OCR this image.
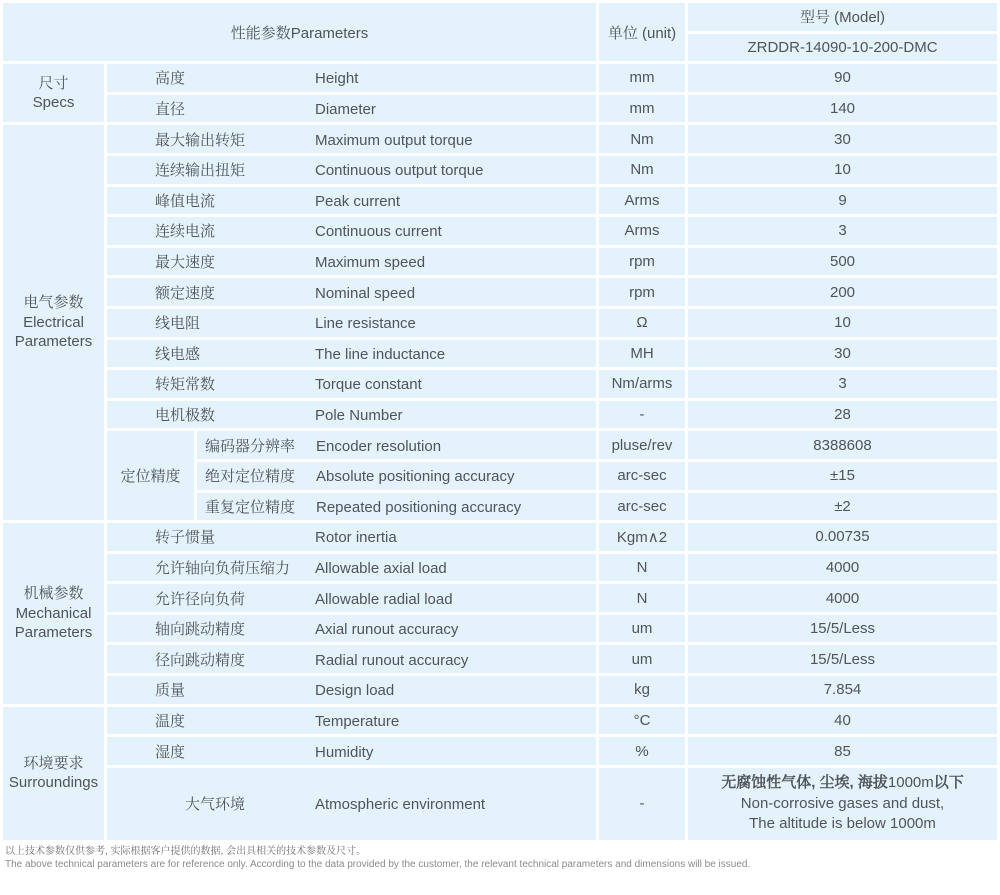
性能参数Parameters			单位 (unit)	型号 (Model)
				ZRDDR-14090-10-200-DMC

尺寸
Specs	高度 Height		mm	90
	直径 Diameter		mm	140

电气参数
Electrical
Parameters	最大输出转矩 Maximum output torque		Nm	30
	连续输出扭矩 Continuous output torque		Nm	10
	峰值电流 Peak current		Arms	9
	连续电流 Continuous current		Arms	3
	最大速度 Maximum speed		rpm	500
	额定速度 Nominal speed		rpm	200
	线电阻 Line resistance		Ω	10
	线电感 The line inductance		MH	30
	转矩常数 Torque constant		Nm/arms	3
	电机极数 Pole Number		-	28
	定位精度	编码器分辨率 Encoder resolution	pluse/rev	8388608
		绝对定位精度 Absolute positioning accuracy	arc-sec	±15
		重复定位精度 Repeated positioning accuracy	arc-sec	±2

机械参数
Mechanical
Parameters	转子惯量 Rotor inertia		Kgm∧2	0.00735
	允许轴向负荷压缩力 Allowable axial load		N	4000
	允许径向负荷 Allowable radial load		N	4000
	轴向跳动精度 Axial runout accuracy		um	15/5/Less
	径向跳动精度 Radial runout accuracy		um	15/5/Less
	质量 Design load		kg	7.854

环境要求
Surroundings	温度 Temperature		°C	40
	湿度 Humidity		%	85
	大气环境 Atmospheric environment		-	无腐蚀性气体, 尘埃, 海拔1000m以下
Non-corrosive gases and dust,
The altitude is below 1000m
以上技术参数仅供参考, 实际根据客户提供的数据, 会出具相关的技术参数及尺寸。
The above technical parameters are for reference only. According to the data provided by the customer, the relevant technical parameters and dimensions will be issued.
